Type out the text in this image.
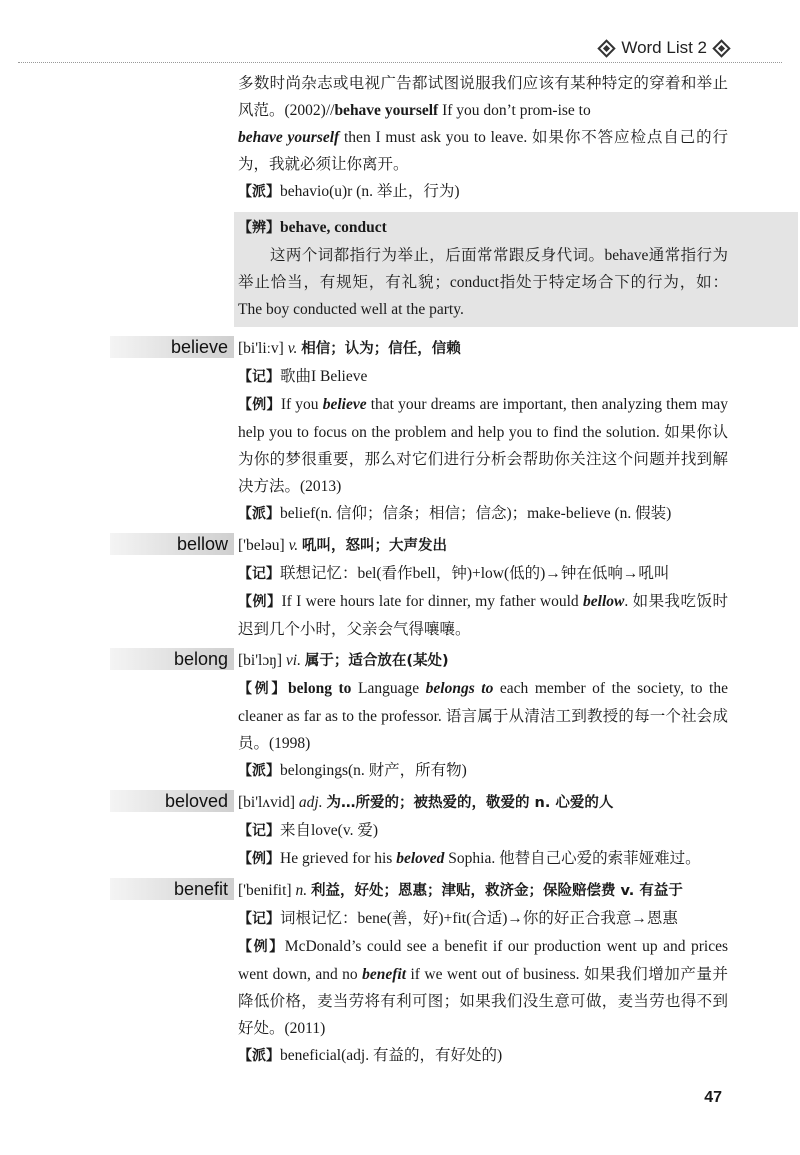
Word List 2

多数时尚杂志或电视广告都试图说服我们应该有某种特定的穿着和举止风范。(2002)//behave yourself If you don’t prom-ise to
behave yourself then I must ask you to leave. 如果你不答应检点自己的行为，我就必须让你离开。

【派】behavio(u)r (n. 举止，行为)

【辨】behave, conduct

这两个词都指行为举止，后面常常跟反身代词。behave通常指行为举止恰当，有规矩，有礼貌；conduct指处于特定场合下的行为，如：The boy conducted well at the party.

believe [bi'liːv] v. 相信；认为；信任，信赖

【记】歌曲I Believe

【例】If you believe that your dreams are important, then analyzing them may help you to focus on the problem and help you to find the solution. 如果你认为你的梦很重要，那么对它们进行分析会帮助你关注这个问题并找到解决方法。(2013)

【派】belief(n. 信仰；信条；相信；信念)；make-believe (n. 假装)

bellow ['beləu] v. 吼叫，怒叫；大声发出

【记】联想记忆：bel(看作bell，钟)+low(低的)→钟在低响→吼叫

【例】If I were hours late for dinner, my father would bellow. 如果我吃饭时迟到几个小时，父亲会气得嚷嚷。

belong [bi'lɔŋ] vi. 属于；适合放在(某处)

【例】belong to Language belongs to each member of the society, to the cleaner as far as to the professor. 语言属于从清洁工到教授的每一个社会成员。(1998)

【派】belongings(n. 财产，所有物)

beloved [bi'lʌvid] adj. 为…所爱的；被热爱的，敬爱的 n. 心爱的人

【记】来自love(v. 爱)

【例】He grieved for his beloved Sophia. 他替自己心爱的索菲娅难过。

benefit ['benifit] n. 利益，好处；恩惠；津贴，救济金；保险赔偿费 v. 有益于

【记】词根记忆：bene(善，好)+fit(合适)→你的好正合我意→恩惠

【例】McDonald’s could see a benefit if our production went up and prices went down, and no benefit if we went out of business. 如果我们增加产量并降低价格，麦当劳将有利可图；如果我们没生意可做，麦当劳也得不到好处。(2011)

【派】beneficial(adj. 有益的，有好处的)

47
